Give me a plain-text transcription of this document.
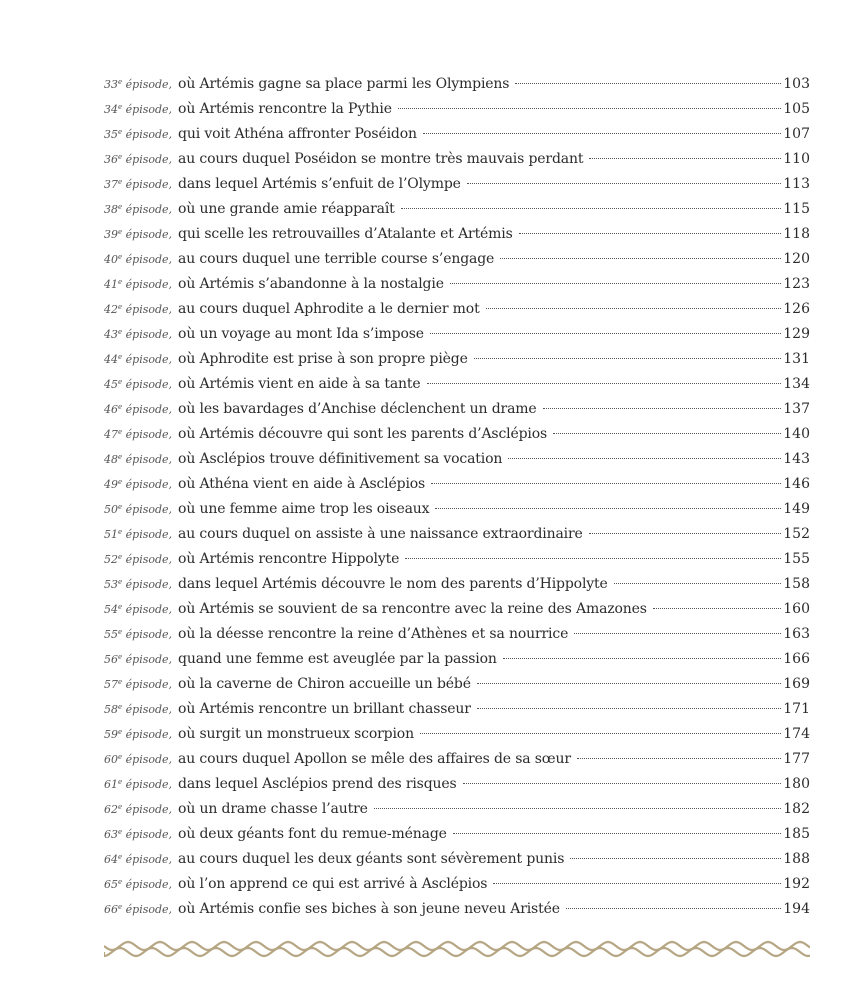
33e épisode, où Artémis gagne sa place parmi les Olympiens	103
34e épisode, où Artémis rencontre la Pythie	105
35e épisode, qui voit Athéna affronter Poséidon	107
36e épisode, au cours duquel Poséidon se montre très mauvais perdant	110
37e épisode, dans lequel Artémis s’enfuit de l’Olympe	113
38e épisode, où une grande amie réapparaît	115
39e épisode, qui scelle les retrouvailles d’Atalante et Artémis	118
40e épisode, au cours duquel une terrible course s’engage	120
41e épisode, où Artémis s’abandonne à la nostalgie	123
42e épisode, au cours duquel Aphrodite a le dernier mot	126
43e épisode, où un voyage au mont Ida s’impose	129
44e épisode, où Aphrodite est prise à son propre piège	131
45e épisode, où Artémis vient en aide à sa tante	134
46e épisode, où les bavardages d’Anchise déclenchent un drame	137
47e épisode, où Artémis découvre qui sont les parents d’Asclépios	140
48e épisode, où Asclépios trouve définitivement sa vocation	143
49e épisode, où Athéna vient en aide à Asclépios	146
50e épisode, où une femme aime trop les oiseaux	149
51e épisode, au cours duquel on assiste à une naissance extraordinaire	152
52e épisode, où Artémis rencontre Hippolyte	155
53e épisode, dans lequel Artémis découvre le nom des parents d’Hippolyte	158
54e épisode, où Artémis se souvient de sa rencontre avec la reine des Amazones	160
55e épisode, où la déesse rencontre la reine d’Athènes et sa nourrice	163
56e épisode, quand une femme est aveuglée par la passion	166
57e épisode, où la caverne de Chiron accueille un bébé	169
58e épisode, où Artémis rencontre un brillant chasseur	171
59e épisode, où surgit un monstrueux scorpion	174
60e épisode, au cours duquel Apollon se mêle des affaires de sa sœur	177
61e épisode, dans lequel Asclépios prend des risques	180
62e épisode, où un drame chasse l’autre	182
63e épisode, où deux géants font du remue-ménage	185
64e épisode, au cours duquel les deux géants sont sévèrement punis	188
65e épisode, où l’on apprend ce qui est arrivé à Asclépios	192
66e épisode, où Artémis confie ses biches à son jeune neveu Aristée	194
